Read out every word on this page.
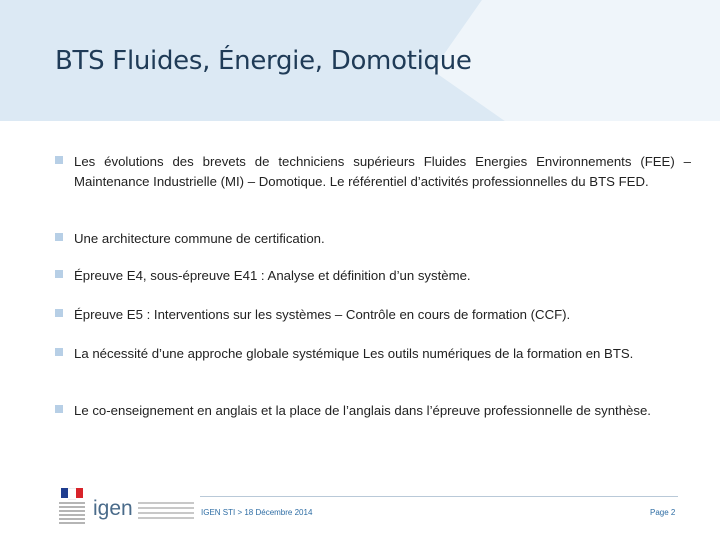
BTS Fluides, Énergie, Domotique
Les évolutions des brevets de techniciens supérieurs Fluides Energies Environnements (FEE) – Maintenance Industrielle (MI) – Domotique. Le référentiel d’activités professionnelles du BTS FED.
Une architecture commune de certification.
Épreuve E4, sous-épreuve E41 : Analyse et définition d’un système.
Épreuve E5 : Interventions sur les systèmes – Contrôle en cours de formation (CCF).
La nécessité d’une approche globale systémique Les outils numériques de la formation en BTS.
Le co-enseignement en anglais et la place de l’anglais dans l’épreuve professionnelle de synthèse.
igen	IGEN STI > 18 Décembre 2014	Page 2
